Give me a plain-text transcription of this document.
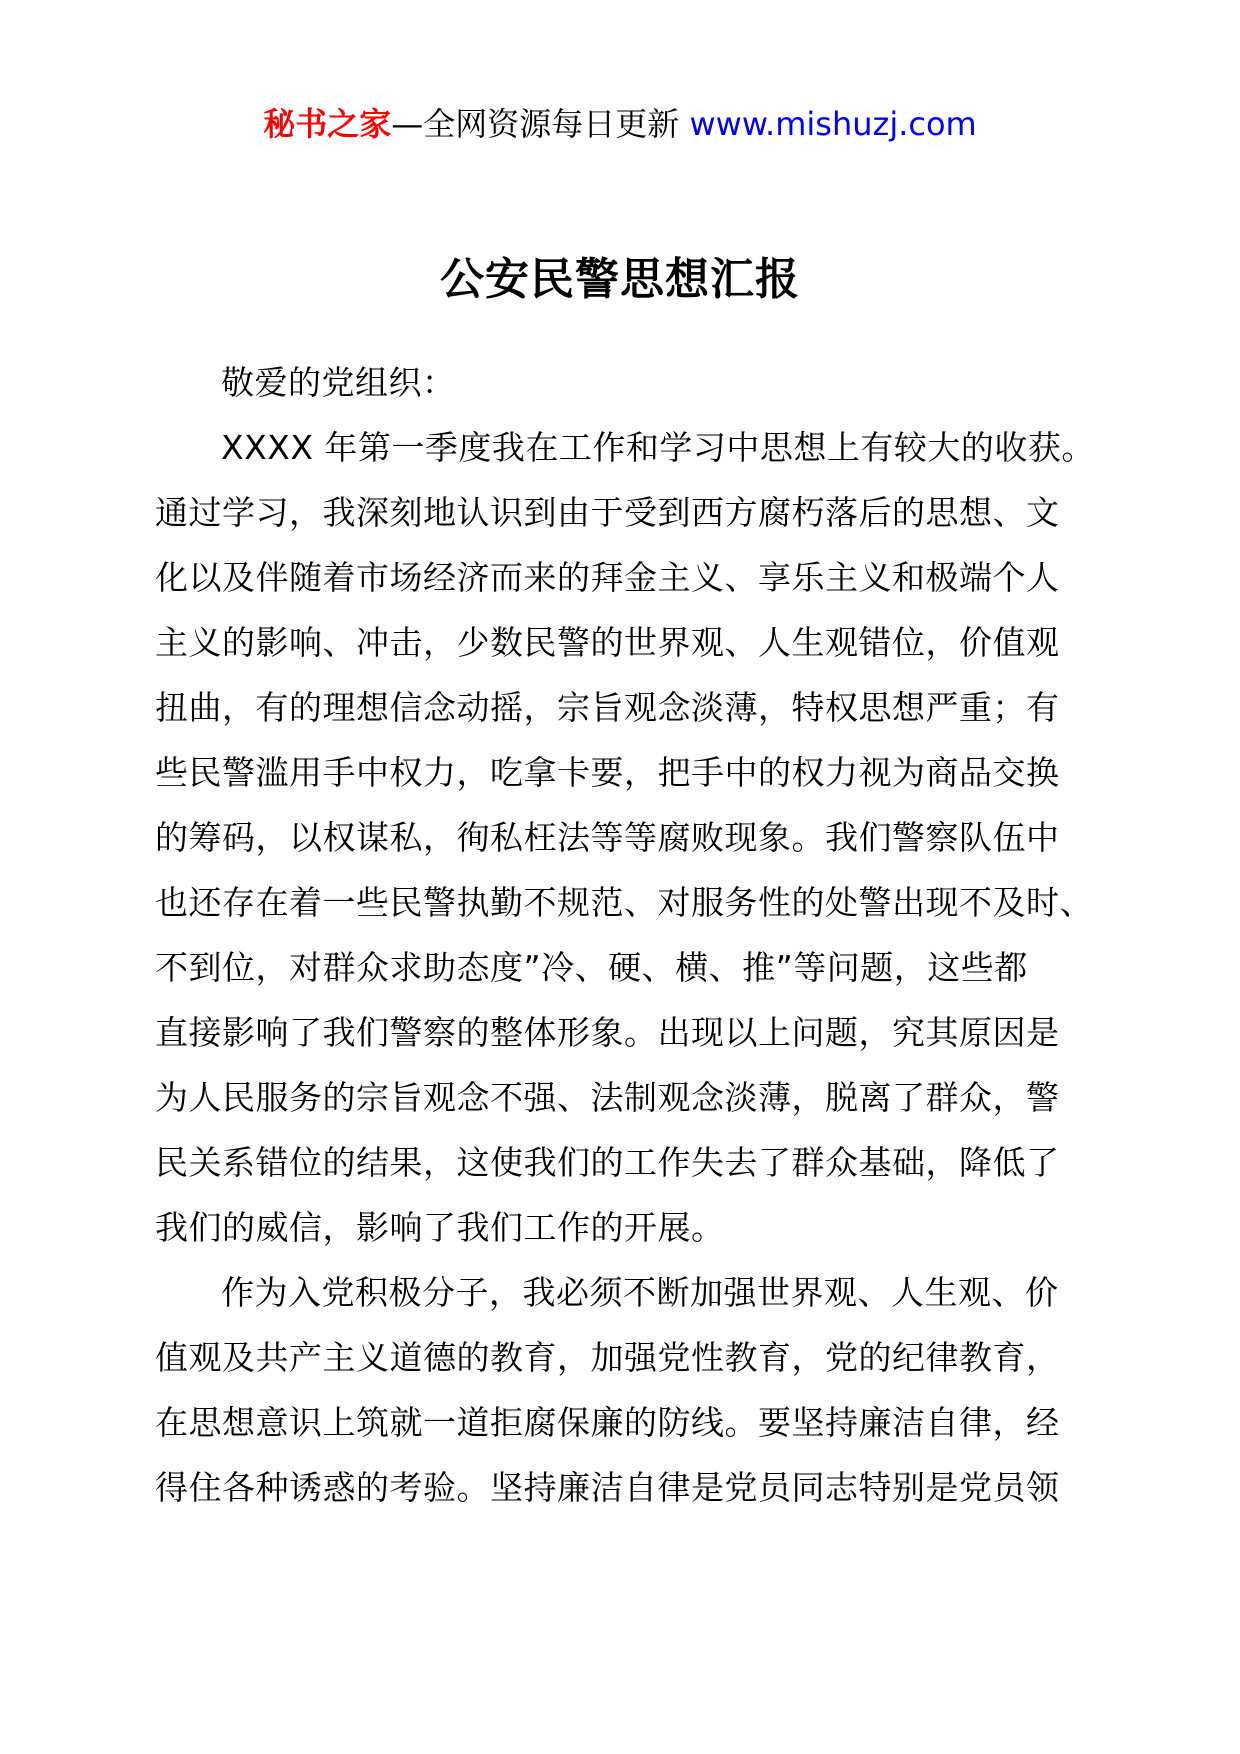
秘书之家—全网资源每日更新 www.mishuzj.com
公安民警思想汇报
敬爱的党组织：
XXXX 年第一季度我在工作和学习中思想上有较大的收获。
通过学习，我深刻地认识到由于受到西方腐朽落后的思想、文
化以及伴随着市场经济而来的拜金主义、享乐主义和极端个人
主义的影响、冲击，少数民警的世界观、人生观错位，价值观
扭曲，有的理想信念动摇，宗旨观念淡薄，特权思想严重；有
些民警滥用手中权力，吃拿卡要，把手中的权力视为商品交换
的筹码，以权谋私，徇私枉法等等腐败现象。我们警察队伍中
也还存在着一些民警执勤不规范、对服务性的处警出现不及时、
不到位，对群众求助态度”冷、硬、横、推”等问题，这些都
直接影响了我们警察的整体形象。出现以上问题，究其原因是
为人民服务的宗旨观念不强、法制观念淡薄，脱离了群众，警
民关系错位的结果，这使我们的工作失去了群众基础，降低了
我们的威信，影响了我们工作的开展。
作为入党积极分子，我必须不断加强世界观、人生观、价
值观及共产主义道德的教育，加强党性教育，党的纪律教育，
在思想意识上筑就一道拒腐保廉的防线。要坚持廉洁自律，经
得住各种诱惑的考验。坚持廉洁自律是党员同志特别是党员领
